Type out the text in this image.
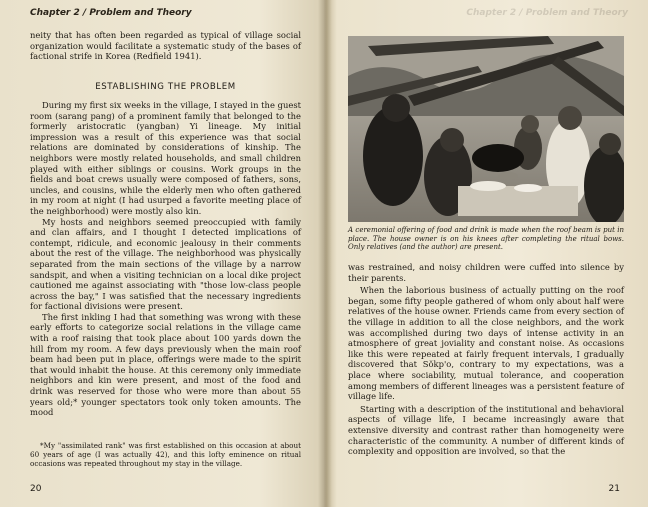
Chapter 2 / Problem and Theory

neity that has often been regarded as typical of village social organization would facilitate a systematic study of the bases of factional strife in Korea (Redfield 1941).

ESTABLISHING THE PROBLEM

During my first six weeks in the village, I stayed in the guest room (sarang pang) of a prominent family that belonged to the formerly aristocratic (yangban) Yi lineage. My initial impression was a result of this experience was that social relations are dominated by considerations of kinship. The neighbors were mostly related households, and small children played with either siblings or cousins. Work groups in the fields and boat crews usually were composed of fathers, sons, uncles, and cousins, while the elderly men who often gathered in my room at night (I had usurped a favorite meeting place of the neighborhood) were mostly also kin.

My hosts and neighbors seemed preoccupied with family and clan affairs, and I thought I detected implications of contempt, ridicule, and economic jealousy in their comments about the rest of the village. The neighborhood was physically separated from the main sections of the village by a narrow sandspit, and when a visiting technician on a local dike project cautioned me against associating with "those low-class people across the bay," I was satisfied that the necessary ingredients for factional divisions were present.

The first inkling I had that something was wrong with these early efforts to categorize social relations in the village came with a roof raising that took place about 100 yards down the hill from my room. A few days previously when the main roof beam had been put in place, offerings were made to the spirit that would inhabit the house. At this ceremony only immediate neighbors and kin were present, and most of the food and drink was reserved for those who were more than about 55 years old;* younger spectators took only token amounts. The mood

*My "assimilated rank" was first established on this occasion at about 60 years of age (I was actually 42), and this lofty eminence on ritual occasions was repeated throughout my stay in the village.
20
Chapter 2 / Problem and Theory
A ceremonial offering of food and drink is made when the roof beam is put in place. The house owner is on his knees after completing the ritual bows. Only relatives (and the author) are present.

was restrained, and noisy children were cuffed into silence by their parents.

When the laborious business of actually putting on the roof began, some fifty people gathered of whom only about half were relatives of the house owner. Friends came from every section of the village in addition to all the close neighbors, and the work was accomplished during two days of intense activity in an atmosphere of great joviality and constant noise. As occasions like this were repeated at fairly frequent intervals, I gradually discovered that Sŏkp'o, contrary to my expectations, was a place where sociability, mutual tolerance, and cooperation among members of different lineages was a persistent feature of village life.

Starting with a description of the institutional and behavioral aspects of village life, I became increasingly aware that extensive diversity and contrast rather than homogeneity were characteristic of the community. A number of different kinds of complexity and opposition are involved, so that the

21
